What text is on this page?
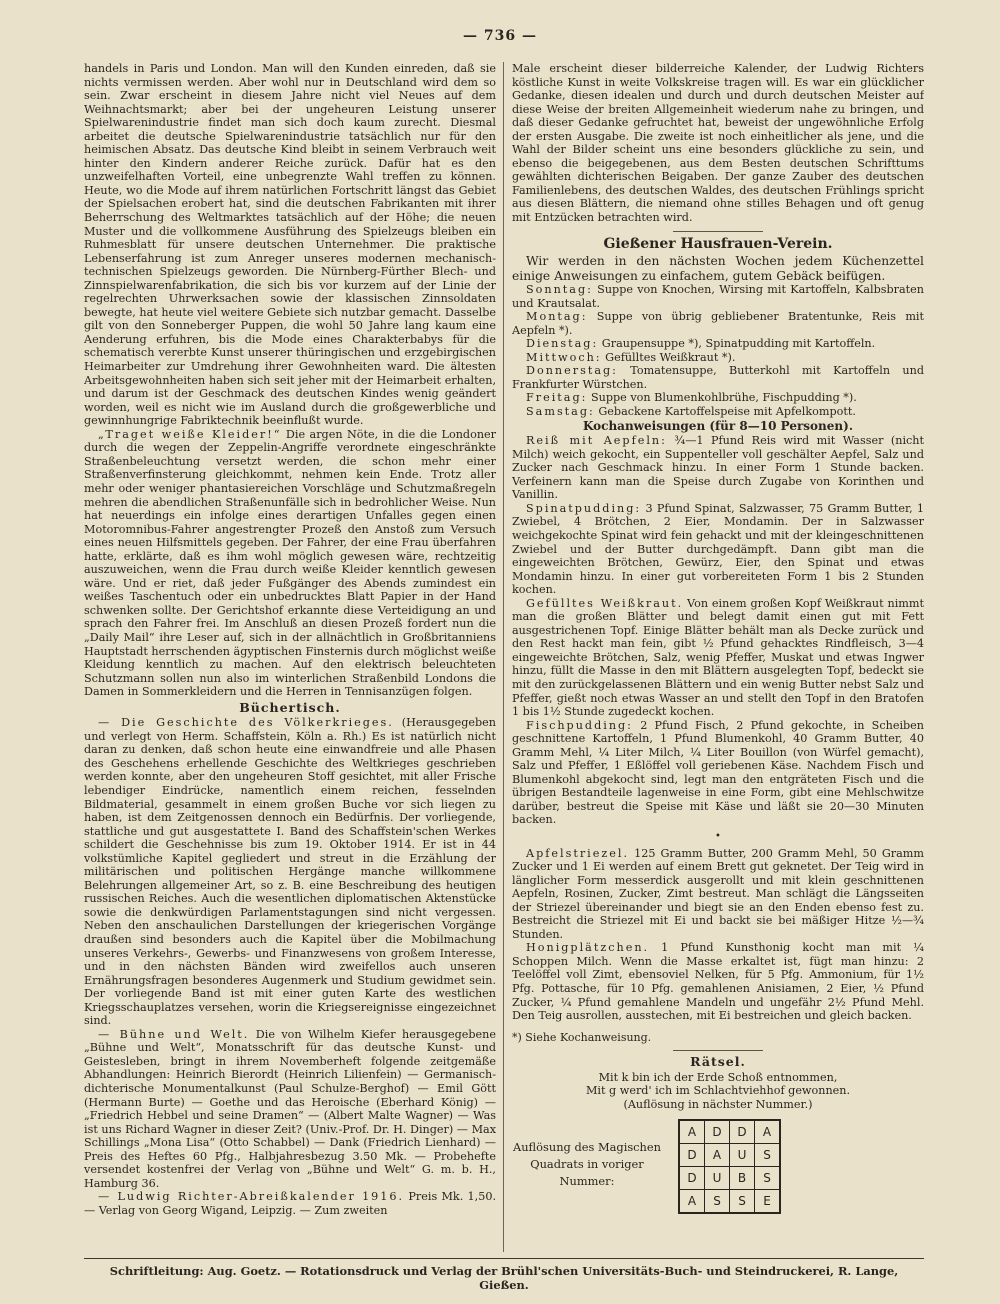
— 736 —

handels in Paris und London. Man will den Kunden einreden, daß sie nichts vermissen werden. Aber wohl nur in Deutschland wird dem so sein. Zwar erscheint in diesem Jahre nicht viel Neues auf dem Weihnachtsmarkt; aber bei der ungeheuren Leistung unserer Spielwarenindustrie findet man sich doch kaum zurecht. Diesmal arbeitet die deutsche Spielwarenindustrie tatsächlich nur für den heimischen Absatz. Das deutsche Kind bleibt in seinem Verbrauch weit hinter den Kindern anderer Reiche zurück. Dafür hat es den unzweifelhaften Vorteil, eine unbegrenzte Wahl treffen zu können. Heute, wo die Mode auf ihrem natürlichen Fortschritt längst das Gebiet der Spielsachen erobert hat, sind die deutschen Fabrikanten mit ihrer Beherrschung des Weltmarktes tatsächlich auf der Höhe; die neuen Muster und die vollkommene Ausführung des Spielzeugs bleiben ein Ruhmesblatt für unsere deutschen Unternehmer. Die praktische Lebenserfahrung ist zum Anreger unseres modernen mechanisch-technischen Spielzeugs geworden. Die Nürnberg-Fürther Blech- und Zinnspielwarenfabrikation, die sich bis vor kurzem auf der Linie der regelrechten Uhrwerksachen sowie der klassischen Zinnsoldaten bewegte, hat heute viel weitere Gebiete sich nutzbar gemacht. Dasselbe gilt von den Sonneberger Puppen, die wohl 50 Jahre lang kaum eine Aenderung erfuhren, bis die Mode eines Charakterbabys für die schematisch vererbte Kunst unserer thüringischen und erzgebirgischen Heimarbeiter zur Umdrehung ihrer Gewohnheiten ward. Die ältesten Arbeitsgewohnheiten haben sich seit jeher mit der Heimarbeit erhalten, und darum ist der Geschmack des deutschen Kindes wenig geändert worden, weil es nicht wie im Ausland durch die großgewerbliche und gewinnhungrige Fabriktechnik beeinflußt wurde.

„Traget weiße Kleider!“ Die argen Nöte, in die die Londoner durch die wegen der Zeppelin-Angriffe verordnete eingeschränkte Straßenbeleuchtung versetzt werden, die schon mehr einer Straßenverfinsterung gleichkommt, nehmen kein Ende. Trotz aller mehr oder weniger phantasiereichen Vorschläge und Schutzmaßregeln mehren die abendlichen Straßenunfälle sich in bedrohlicher Weise. Nun hat neuerdings ein infolge eines derartigen Unfalles gegen einen Motoromnibus-Fahrer angestrengter Prozeß den Anstoß zum Versuch eines neuen Hilfsmittels gegeben. Der Fahrer, der eine Frau überfahren hatte, erklärte, daß es ihm wohl möglich gewesen wäre, rechtzeitig auszuweichen, wenn die Frau durch weiße Kleider kenntlich gewesen wäre. Und er riet, daß jeder Fußgänger des Abends zumindest ein weißes Taschentuch oder ein unbedrucktes Blatt Papier in der Hand schwenken sollte. Der Gerichtshof erkannte diese Verteidigung an und sprach den Fahrer frei. Im Anschluß an diesen Prozeß fordert nun die „Daily Mail“ ihre Leser auf, sich in der allnächtlich in Großbritanniens Hauptstadt herrschenden ägyptischen Finsternis durch möglichst weiße Kleidung kenntlich zu machen. Auf den elektrisch beleuchteten Schutzmann sollen nun also im winterlichen Straßenbild Londons die Damen in Sommerkleidern und die Herren in Tennisanzügen folgen.

Büchertisch.

— Die Geschichte des Völkerkrieges. (Herausgegeben und verlegt von Herm. Schaffstein, Köln a. Rh.) Es ist natürlich nicht daran zu denken, daß schon heute eine einwandfreie und alle Phasen des Geschehens erhellende Geschichte des Weltkrieges geschrieben werden konnte, aber den ungeheuren Stoff gesichtet, mit aller Frische lebendiger Eindrücke, namentlich einem reichen, fesselnden Bildmaterial, gesammelt in einem großen Buche vor sich liegen zu haben, ist dem Zeitgenossen dennoch ein Bedürfnis. Der vorliegende, stattliche und gut ausgestattete I. Band des Schaffstein'schen Werkes schildert die Geschehnisse bis zum 19. Oktober 1914. Er ist in 44 volkstümliche Kapitel gegliedert und streut in die Erzählung der militärischen und politischen Hergänge manche willkommene Belehrungen allgemeiner Art, so z. B. eine Beschreibung des heutigen russischen Reiches. Auch die wesentlichen diplomatischen Aktenstücke sowie die denkwürdigen Parlamentstagungen sind nicht vergessen. Neben den anschaulichen Darstellungen der kriegerischen Vorgänge draußen sind besonders auch die Kapitel über die Mobilmachung unseres Verkehrs-, Gewerbs- und Finanzwesens von großem Interesse, und in den nächsten Bänden wird zweifellos auch unseren Ernährungsfragen besonderes Augenmerk und Studium gewidmet sein. Der vorliegende Band ist mit einer guten Karte des westlichen Kriegsschauplatzes versehen, worin die Kriegsereignisse eingezeichnet sind.

— Bühne und Welt. Die von Wilhelm Kiefer herausgegebene „Bühne und Welt“, Monatsschrift für das deutsche Kunst- und Geistesleben, bringt in ihrem Novemberheft folgende zeitgemäße Abhandlungen: Heinrich Bierordt (Heinrich Lilienfein) — Germanisch-dichterische Monumentalkunst (Paul Schulze-Berghof) — Emil Gött (Hermann Burte) — Goethe und das Heroische (Eberhard König) — „Friedrich Hebbel und seine Dramen“ — (Albert Malte Wagner) — Was ist uns Richard Wagner in dieser Zeit? (Univ.-Prof. Dr. H. Dinger) — Max Schillings „Mona Lisa“ (Otto Schabbel) — Dank (Friedrich Lienhard) — Preis des Heftes 60 Pfg., Halbjahresbezug 3.50 Mk. — Probehefte versendet kostenfrei der Verlag von „Bühne und Welt“ G. m. b. H., Hamburg 36.

— Ludwig Richter-Abreißkalender 1916. Preis Mk. 1,50. — Verlag von Georg Wigand, Leipzig. — Zum zweiten

Male erscheint dieser bilderreiche Kalender, der Ludwig Richters köstliche Kunst in weite Volkskreise tragen will. Es war ein glücklicher Gedanke, diesen idealen und durch und durch deutschen Meister auf diese Weise der breiten Allgemeinheit wiederum nahe zu bringen, und daß dieser Gedanke gefruchtet hat, beweist der ungewöhnliche Erfolg der ersten Ausgabe. Die zweite ist noch einheitlicher als jene, und die Wahl der Bilder scheint uns eine besonders glückliche zu sein, und ebenso die beigegebenen, aus dem Besten deutschen Schrifttums gewählten dichterischen Beigaben. Der ganze Zauber des deutschen Familienlebens, des deutschen Waldes, des deutschen Frühlings spricht aus diesen Blättern, die niemand ohne stilles Behagen und oft genug mit Entzücken betrachten wird.

Gießener Hausfrauen-Verein.

Wir werden in den nächsten Wochen jedem Küchenzettel einige Anweisungen zu einfachem, gutem Gebäck beifügen.

Sonntag: Suppe von Knochen, Wirsing mit Kartoffeln, Kalbsbraten und Krautsalat.

Montag: Suppe von übrig gebliebener Bratentunke, Reis mit Aepfeln *).

Dienstag: Graupensuppe *), Spinatpudding mit Kartoffeln.

Mittwoch: Gefülltes Weißkraut *).

Donnerstag: Tomatensuppe, Butterkohl mit Kartoffeln und Frankfurter Würstchen.

Freitag: Suppe von Blumenkohlbrühe, Fischpudding *).

Samstag: Gebackene Kartoffelspeise mit Apfelkompott.

Kochanweisungen (für 8—10 Personen).

Reiß mit Aepfeln: ¾—1 Pfund Reis wird mit Wasser (nicht Milch) weich gekocht, ein Suppenteller voll geschälter Aepfel, Salz und Zucker nach Geschmack hinzu. In einer Form 1 Stunde backen. Verfeinern kann man die Speise durch Zugabe von Korinthen und Vanillin.

Spinatpudding: 3 Pfund Spinat, Salzwasser, 75 Gramm Butter, 1 Zwiebel, 4 Brötchen, 2 Eier, Mondamin. Der in Salzwasser weichgekochte Spinat wird fein gehackt und mit der kleingeschnittenen Zwiebel und der Butter durchgedämpft. Dann gibt man die eingeweichten Brötchen, Gewürz, Eier, den Spinat und etwas Mondamin hinzu. In einer gut vorbereiteten Form 1 bis 2 Stunden kochen.

Gefülltes Weißkraut. Von einem großen Kopf Weißkraut nimmt man die großen Blätter und belegt damit einen gut mit Fett ausgestrichenen Topf. Einige Blätter behält man als Decke zurück und den Rest hackt man fein, gibt ½ Pfund gehacktes Rindfleisch, 3—4 eingeweichte Brötchen, Salz, wenig Pfeffer, Muskat und etwas Ingwer hinzu, füllt die Masse in den mit Blättern ausgelegten Topf, bedeckt sie mit den zurückgelassenen Blättern und ein wenig Butter nebst Salz und Pfeffer, gießt noch etwas Wasser an und stellt den Topf in den Bratofen 1 bis 1½ Stunde zugedeckt kochen.

Fischpudding: 2 Pfund Fisch, 2 Pfund gekochte, in Scheiben geschnittene Kartoffeln, 1 Pfund Blumenkohl, 40 Gramm Butter, 40 Gramm Mehl, ¼ Liter Milch, ¼ Liter Bouillon (von Würfel gemacht), Salz und Pfeffer, 1 Eßlöffel voll geriebenen Käse. Nachdem Fisch und Blumenkohl abgekocht sind, legt man den entgräteten Fisch und die übrigen Bestandteile lagenweise in eine Form, gibt eine Mehlschwitze darüber, bestreut die Speise mit Käse und läßt sie 20—30 Minuten backen.

•

Apfelstriezel. 125 Gramm Butter, 200 Gramm Mehl, 50 Gramm Zucker und 1 Ei werden auf einem Brett gut geknetet. Der Teig wird in länglicher Form messerdick ausgerollt und mit klein geschnittenen Aepfeln, Rosinen, Zucker, Zimt bestreut. Man schlägt die Längsseiten der Striezel übereinander und biegt sie an den Enden ebenso fest zu. Bestreicht die Striezel mit Ei und backt sie bei mäßiger Hitze ½—¾ Stunden.

Honigplätzchen. 1 Pfund Kunsthonig kocht man mit ¼ Schoppen Milch. Wenn die Masse erkaltet ist, fügt man hinzu: 2 Teelöffel voll Zimt, ebensoviel Nelken, für 5 Pfg. Ammonium, für 1½ Pfg. Pottasche, für 10 Pfg. gemahlenen Anisiamen, 2 Eier, ½ Pfund Zucker, ¼ Pfund gemahlene Mandeln und ungefähr 2½ Pfund Mehl. Den Teig ausrollen, ausstechen, mit Ei bestreichen und gleich backen.

*) Siehe Kochanweisung.

Rätsel.

Mit k bin ich der Erde Schoß entnommen,

Mit g werd' ich im Schlachtviehhof gewonnen.

(Auflösung in nächster Nummer.)

Auflösung des Magischen Quadrats in voriger Nummer:
A	D	D	A
D	A	U	S
D	U	B	S
A	S	S	E
Schriftleitung: Aug. Goetz. — Rotationsdruck und Verlag der Brühl'schen Universitäts-Buch- und Steindruckerei, R. Lange, Gießen.
